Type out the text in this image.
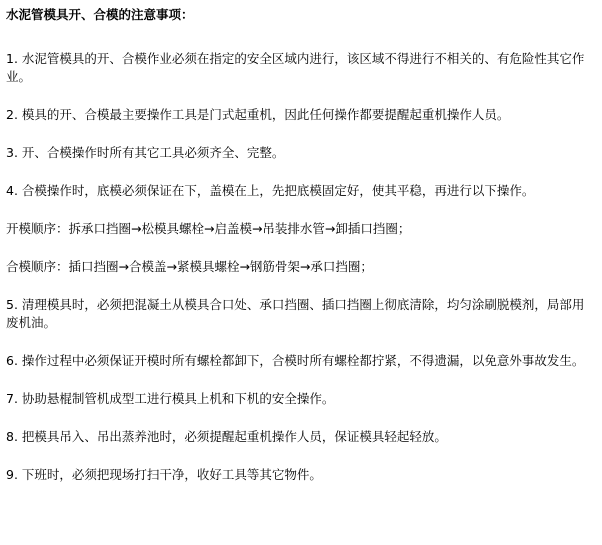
水泥管模具开、合模的注意事项：

1. 水泥管模具的开、合模作业必须在指定的安全区域内进行，该区域不得进行不相关的、有危险性其它作业。

2. 模具的开、合模最主要操作工具是门式起重机，因此任何操作都要提醒起重机操作人员。

3. 开、合模操作时所有其它工具必须齐全、完整。

4. 合模操作时，底模必须保证在下，盖模在上，先把底模固定好，使其平稳，再进行以下操作。

开模顺序：拆承口挡圈→松模具螺栓→启盖模→吊装排水管→卸插口挡圈；

合模顺序：插口挡圈→合模盖→紧模具螺栓→钢筋骨架→承口挡圈；

5. 清理模具时，必须把混凝土从模具合口处、承口挡圈、插口挡圈上彻底清除，均匀涂刷脱模剂，局部用废机油。

6. 操作过程中必须保证开模时所有螺栓都卸下，合模时所有螺栓都拧紧，不得遗漏，以免意外事故发生。

7. 协助悬棍制管机成型工进行模具上机和下机的安全操作。

8. 把模具吊入、吊出蒸养池时，必须提醒起重机操作人员，保证模具轻起轻放。

9. 下班时，必须把现场打扫干净，收好工具等其它物件。
